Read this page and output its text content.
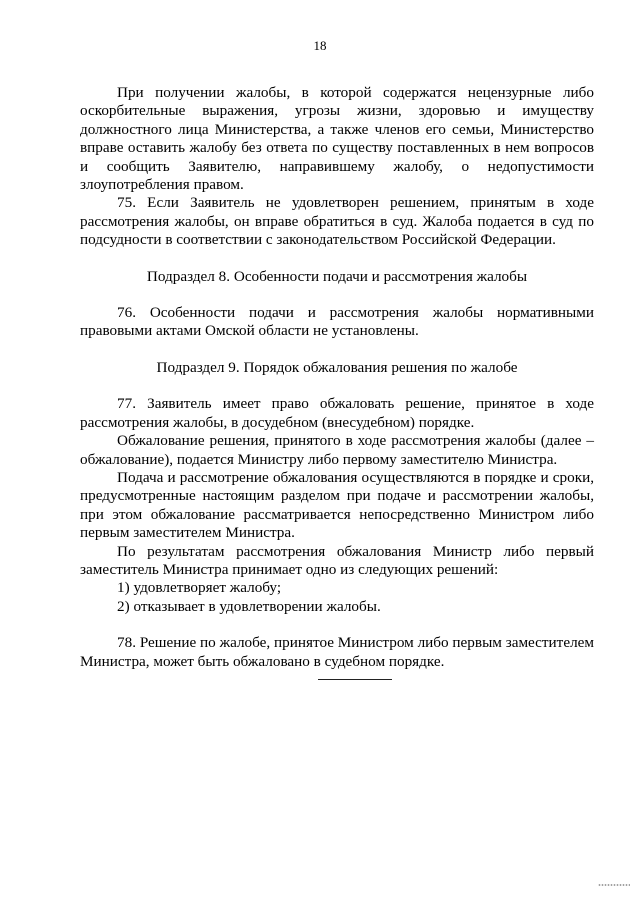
18

При получении жалобы, в которой содержатся нецензурные либо оскорбительные выражения, угрозы жизни, здоровью и имуществу должностного лица Министерства, а также членов его семьи, Министерство вправе оставить жалобу без ответа по существу поставленных в нем вопросов и сообщить Заявителю, направившему жалобу, о недопустимости злоупотребления правом.

75. Если Заявитель не удовлетворен решением, принятым в ходе рассмотрения жалобы, он вправе обратиться в суд. Жалоба подается в суд по подсудности в соответствии с законодательством Российской Федерации.

Подраздел 8. Особенности подачи и рассмотрения жалобы

76. Особенности подачи и рассмотрения жалобы нормативными правовыми актами Омской области не установлены.

Подраздел 9. Порядок обжалования решения по жалобе

77. Заявитель имеет право обжаловать решение, принятое в ходе рассмотрения жалобы, в досудебном (внесудебном) порядке.

Обжалование решения, принятого в ходе рассмотрения жалобы (далее – обжалование), подается Министру либо первому заместителю Министра.

Подача и рассмотрение обжалования осуществляются в порядке и сроки, предусмотренные настоящим разделом при подаче и рассмотрении жалобы, при этом обжалование рассматривается непосредственно Министром либо первым заместителем Министра.

По результатам рассмотрения обжалования Министр либо первый заместитель Министра принимает одно из следующих решений:

1) удовлетворяет жалобу;

2) отказывает в удовлетворении жалобы.

78. Решение по жалобе, принятое Министром либо первым заместителем Министра, может быть обжаловано в судебном порядке.
